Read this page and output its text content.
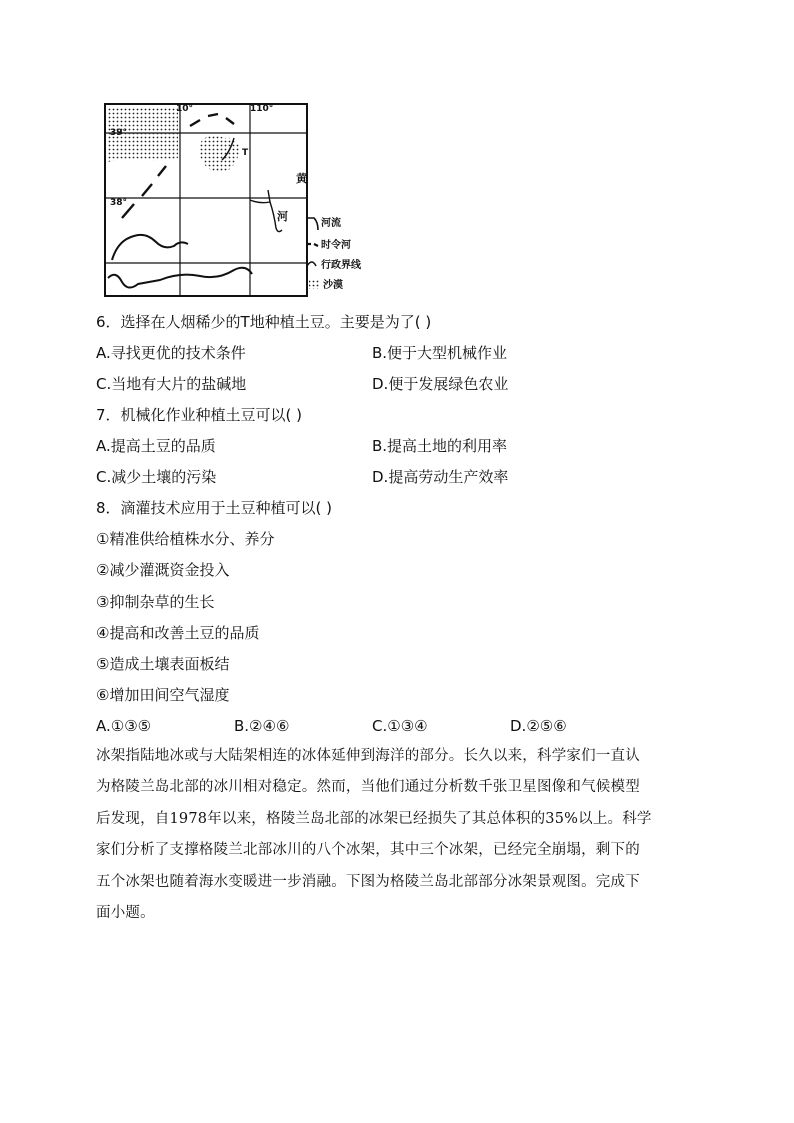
10°	110°
39°
38°
T
黄
河
河流
时令河
行政界线
沙漠
6．选择在人烟稀少的T地种植土豆。主要是为了( )
A.寻找更优的技术条件	B.便于大型机械作业
C.当地有大片的盐碱地	D.便于发展绿色农业
7．机械化作业种植土豆可以( )
A.提高土豆的品质	B.提高土地的利用率
C.减少土壤的污染	D.提高劳动生产效率
8．滴灌技术应用于土豆种植可以( )
①精准供给植株水分、养分
②减少灌溉资金投入
③抑制杂草的生长
④提高和改善土豆的品质
⑤造成土壤表面板结
⑥增加田间空气湿度
A.①③⑤	B.②④⑥	C.①③④	D.②⑤⑥
冰架指陆地冰或与大陆架相连的冰体延伸到海洋的部分。长久以来，科学家们一直认
为格陵兰岛北部的冰川相对稳定。然而，当他们通过分析数千张卫星图像和气候模型
后发现，自1978年以来，格陵兰岛北部的冰架已经损失了其总体积的35%以上。科学
家们分析了支撑格陵兰北部冰川的八个冰架，其中三个冰架，已经完全崩塌，剩下的
五个冰架也随着海水变暖进一步消融。下图为格陵兰岛北部部分冰架景观图。完成下
面小题。
